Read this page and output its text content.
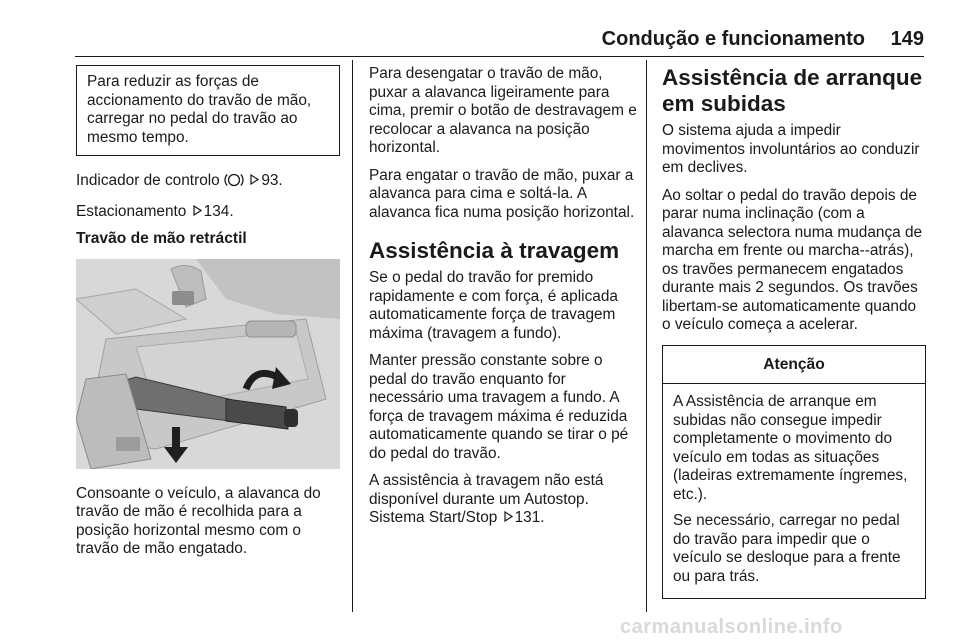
Condução e funcionamento	149
Para reduzir as forças de accionamento do travão de mão, carregar no pedal do travão ao mesmo tempo.

Indicador de controlo	93.

Estacionamento 134.

Travão de mão retráctil

Consoante o veículo, a alavanca do travão de mão é recolhida para a posição horizontal mesmo com o travão de mão engatado.

Para desengatar o travão de mão, puxar a alavanca ligeiramente para cima, premir o botão de destravagem e recolocar a alavanca na posição horizontal.

Para engatar o travão de mão, puxar a alavanca para cima e soltá-la. A alavanca fica numa posição horizontal.

Assistência à travagem

Se o pedal do travão for premido rapidamente e com força, é aplicada automaticamente força de travagem máxima (travagem a fundo).

Manter pressão constante sobre o pedal do travão enquanto for necessário uma travagem a fundo. A força de travagem máxima é reduzida automaticamente quando se tirar o pé do pedal do travão.

A assistência à travagem não está disponível durante um Autostop. Sistema Start/Stop 131.

Assistência de arranque em subidas

O sistema ajuda a impedir movimentos involuntários ao conduzir em declives.

Ao soltar o pedal do travão depois de parar numa inclinação (com a alavanca selectora numa mudança de marcha em frente ou marcha--atrás), os travões permanecem engatados durante mais 2 segundos. Os travões libertam-se automaticamente quando o veículo começa a acelerar.

Atenção

A Assistência de arranque em subidas não consegue impedir completamente o movimento do veículo em todas as situações (ladeiras extremamente íngremes, etc.).

Se necessário, carregar no pedal do travão para impedir que o veículo se desloque para a frente ou para trás.

carmanualsonline.info
